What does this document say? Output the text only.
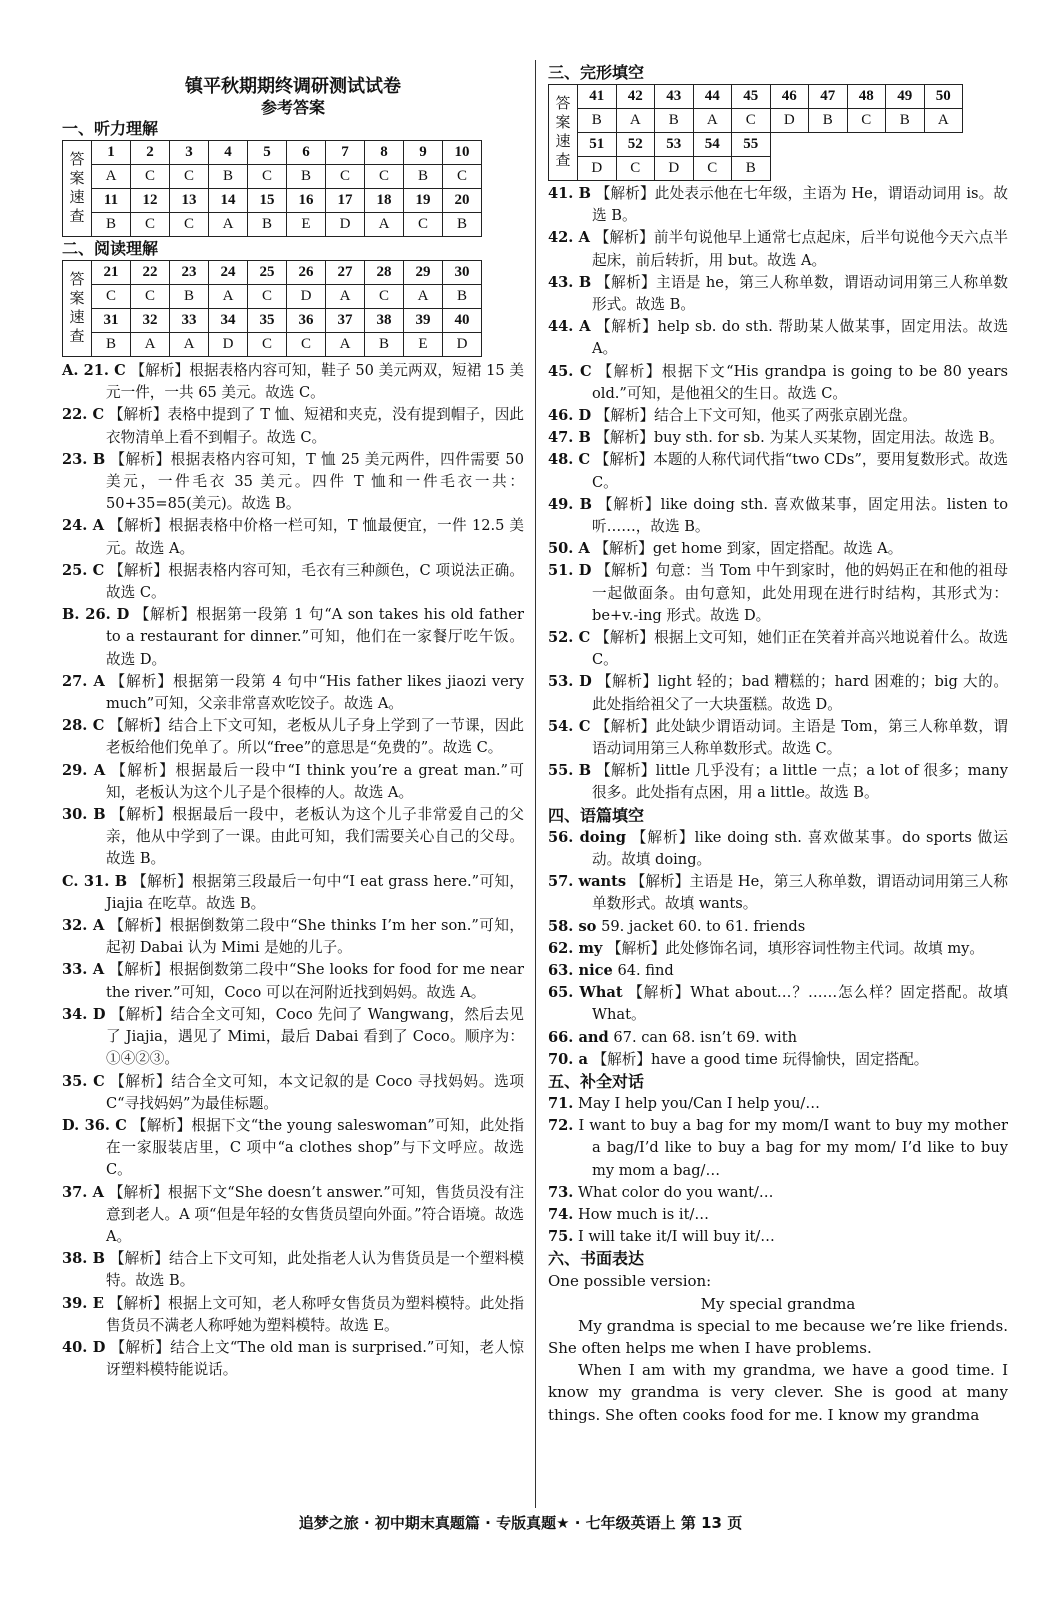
镇平秋期期终调研测试试卷
参考答案
一、听力理解
答
案
速
查	1	2	3	4	5	6	7	8	9	10
	A	C	C	B	C	B	C	C	B	C
	11	12	13	14	15	16	17	18	19	20
	B	C	C	A	B	E	D	A	C	B
二、阅读理解
答
案
速
查	21	22	23	24	25	26	27	28	29	30
	C	C	B	A	C	D	A	C	A	B
	31	32	33	34	35	36	37	38	39	40
	B	A	A	D	C	C	A	B	E	D
A. 21. C 【解析】根据表格内容可知，鞋子 50 美元两双，短裙 15 美元一件，一共 65 美元。故选 C。
22. C 【解析】表格中提到了 T 恤、短裙和夹克，没有提到帽子，因此衣物清单上看不到帽子。故选 C。
23. B 【解析】根据表格内容可知，T 恤 25 美元两件，四件需要 50 美元，一件毛衣 35 美元。四件 T 恤和一件毛衣一共：50+35=85(美元)。故选 B。
24. A 【解析】根据表格中价格一栏可知，T 恤最便宜，一件 12.5 美元。故选 A。
25. C 【解析】根据表格内容可知，毛衣有三种颜色，C 项说法正确。故选 C。
B. 26. D 【解析】根据第一段第 1 句“A son takes his old father to a restaurant for dinner.”可知，他们在一家餐厅吃午饭。故选 D。
27. A 【解析】根据第一段第 4 句中“His father likes jiaozi very much”可知，父亲非常喜欢吃饺子。故选 A。
28. C 【解析】结合上下文可知，老板从儿子身上学到了一节课，因此老板给他们免单了。所以“free”的意思是“免费的”。故选 C。
29. A 【解析】根据最后一段中“I think you’re a great man.”可知，老板认为这个儿子是个很棒的人。故选 A。
30. B 【解析】根据最后一段中，老板认为这个儿子非常爱自己的父亲，他从中学到了一课。由此可知，我们需要关心自己的父母。故选 B。
C. 31. B 【解析】根据第三段最后一句中“I eat grass here.”可知，Jiajia 在吃草。故选 B。
32. A 【解析】根据倒数第二段中“She thinks I’m her son.”可知，起初 Dabai 认为 Mimi 是她的儿子。
33. A 【解析】根据倒数第二段中“She looks for food for me near the river.”可知，Coco 可以在河附近找到妈妈。故选 A。
34. D 【解析】结合全文可知，Coco 先问了 Wangwang，然后去见了 Jiajia，遇见了 Mimi，最后 Dabai 看到了 Coco。顺序为：①④②③。
35. C 【解析】结合全文可知，本文记叙的是 Coco 寻找妈妈。选项 C“寻找妈妈”为最佳标题。
D. 36. C 【解析】根据下文“the young saleswoman”可知，此处指在一家服装店里，C 项中“a clothes shop”与下文呼应。故选 C。
37. A 【解析】根据下文“She doesn’t answer.”可知，售货员没有注意到老人。A 项“但是年轻的女售货员望向外面。”符合语境。故选 A。
38. B 【解析】结合上下文可知，此处指老人认为售货员是一个塑料模特。故选 B。
39. E 【解析】根据上文可知，老人称呼女售货员为塑料模特。此处指售货员不满老人称呼她为塑料模特。故选 E。
40. D 【解析】结合上文“The old man is surprised.”可知，老人惊讶塑料模特能说话。
三、完形填空
答
案
速
查	41	42	43	44	45	46	47	48	49	50
	B	A	B	A	C	D	B	C	B	A
	51	52	53	54	55					
	D	C	D	C	B					
41. B 【解析】此处表示他在七年级，主语为 He，谓语动词用 is。故选 B。
42. A 【解析】前半句说他早上通常七点起床，后半句说他今天六点半起床，前后转折，用 but。故选 A。
43. B 【解析】主语是 he，第三人称单数，谓语动词用第三人称单数形式。故选 B。
44. A 【解析】help sb. do sth. 帮助某人做某事，固定用法。故选 A。
45. C 【解析】根据下文“His grandpa is going to be 80 years old.”可知，是他祖父的生日。故选 C。
46. D 【解析】结合上下文可知，他买了两张京剧光盘。
47. B 【解析】buy sth. for sb. 为某人买某物，固定用法。故选 B。
48. C 【解析】本题的人称代词代指“two CDs”，要用复数形式。故选 C。
49. B 【解析】like doing sth. 喜欢做某事，固定用法。listen to 听……，故选 B。
50. A 【解析】get home 到家，固定搭配。故选 A。
51. D 【解析】句意：当 Tom 中午到家时，他的妈妈正在和他的祖母一起做面条。由句意知，此处用现在进行时结构，其形式为：be+v.-ing 形式。故选 D。
52. C 【解析】根据上文可知，她们正在笑着并高兴地说着什么。故选 C。
53. D 【解析】light 轻的；bad 糟糕的；hard 困难的；big 大的。此处指给祖父了一大块蛋糕。故选 D。
54. C 【解析】此处缺少谓语动词。主语是 Tom，第三人称单数，谓语动词用第三人称单数形式。故选 C。
55. B 【解析】little 几乎没有；a little 一点；a lot of 很多；many 很多。此处指有点困，用 a little。故选 B。
四、语篇填空
56. doing 【解析】like doing sth. 喜欢做某事。do sports 做运动。故填 doing。
57. wants 【解析】主语是 He，第三人称单数，谓语动词用第三人称单数形式。故填 wants。
58. so 59. jacket 60. to 61. friends
62. my 【解析】此处修饰名词，填形容词性物主代词。故填 my。
63. nice 64. find
65. What 【解析】What about…？……怎么样？固定搭配。故填 What。
66. and 67. can 68. isn’t 69. with
70. a 【解析】have a good time 玩得愉快，固定搭配。
五、补全对话
71. May I help you/Can I help you/…
72. I want to buy a bag for my mom/I want to buy my mother a bag/I’d like to buy a bag for my mom/ I’d like to buy my mom a bag/…
73. What color do you want/…
74. How much is it/…
75. I will take it/I will buy it/…
六、书面表达
One possible version:
My special grandma
My grandma is special to me because we’re like friends. She often helps me when I have problems.
When I am with my grandma, we have a good time. I know my grandma is very clever. She is good at many things. She often cooks food for me. I know my grandma
追梦之旅 · 初中期末真题篇 · 专版真题★ · 七年级英语上 第 13 页
